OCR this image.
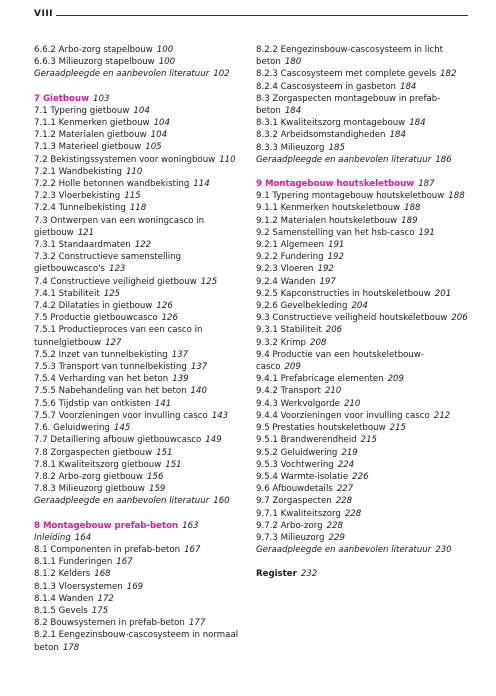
VIII
6.6.2 Arbo-zorg stapelbouw 100
6.6.3 Milieuzorg stapelbouw 100
Geraadpleegde en aanbevolen literatuur 102
7 Gietbouw 103
7.1 Typering gietbouw 104
7.1.1 Kenmerken gietbouw 104
7.1.2 Materialen gietbouw 104
7.1.3 Materieel gietbouw 105
7.2 Bekistingssystemen voor woningbouw 110
7.2.1 Wandbekisting 110
7.2.2 Holle betonnen wandbekisting 114
7.2.3 Vloerbekisting 115
7.2.4 Tunnelbekisting 118
7.3 Ontwerpen van een woningcasco in gietbouw 121
7.3.1 Standaardmaten 122
7.3.2 Constructieve samenstelling gietbouwcasco's 123
7.4 Constructieve veiligheid gietbouw 125
7.4.1 Stabiliteit 125
7.4.2 Dilataties in gietbouw 126
7.5 Productie gietbouwcasco 126
7.5.1 Productieproces van een casco in tunnelgietbouw 127
7.5.2 Inzet van tunnelbekisting 137
7.5.3 Transport van tunnelbekisting 137
7.5.4 Verharding van het beton 139
7.5.5 Nabehandeling van het beton 140
7.5.6 Tijdstip van ontkisten 141
7.5.7 Voorzieningen voor invulling casco 143
7.6. Geluidwering 145
7.7 Detaillering afbouw gietbouwcasco 149
7.8 Zorgaspecten gietbouw 151
7.8.1 Kwaliteitszorg gietbouw 151
7.8.2 Arbo-zorg gietbouw 156
7.8.3 Milieuzorg gietbouw 159
Geraadpleegde en aanbevolen literatuur 160
8 Montagebouw prefab-beton 163
Inleiding 164
8.1 Componenten in prefab-beton 167
8.1.1 Funderingen 167
8.1.2 Kelders 168
8.1.3 Vloersystemen 169
8.1.4 Wanden 172
8.1.5 Gevels 175
8.2 Bouwsystemen in prefab-beton 177
8.2.1 Eengezinsbouw-cascosysteem in normaal beton 178
8.2.2 Eengezinsbouw-cascosysteem in licht beton 180
8.2.3 Cascosysteem met complete gevels 182
8.2.4 Cascosysteem in gasbeton 184
8.3 Zorgaspecten montagebouw in prefab-beton 184
8.3.1 Kwaliteitszorg montagebouw 184
8.3.2 Arbeidsomstandigheden 184
8.3.3 Milieuzorg 185
Geraadpleegde en aanbevolen literatuur 186
9 Montagebouw houtskeletbouw 187
9.1 Typering montagebouw houtskeletbouw 188
9.1.1 Kenmerken houtskeletbouw 188
9.1.2 Materialen houtskeletbouw 189
9.2 Samenstelling van het hsb-casco 191
9.2.1 Algemeen 191
9.2.2 Fundering 192
9.2.3 Vloeren 192
9.2.4 Wanden 197
9.2.5 Kapconstructies in houtskeletbouw 201
9.2.6 Gevelbekleding 204
9.3 Constructieve veiligheid houtskeletbouw 206
9.3.1 Stabiliteit 206
9.3.2 Krimp 208
9.4 Productie van een houtskeletbouw-casco 209
9.4.1 Prefabricage elementen 209
9.4.2 Transport 210
9.4.3 Werkvolgorde 210
9.4.4 Voorzieningen voor invulling casco 212
9.5 Prestaties houtskeletbouw 215
9.5.1 Brandwerendheid 215
9.5.2 Geluidwering 219
9.5.3 Vochtwering 224
9.5.4 Warmte-isolatie 226
9.6 Afbouwdetails 227
9.7 Zorgaspecten 228
9.7.1 Kwaliteitszorg 228
9.7.2 Arbo-zorg 228
9.7.3 Milieuzorg 229
Geraadpleegde en aanbevolen literatuur 230
Register 232
